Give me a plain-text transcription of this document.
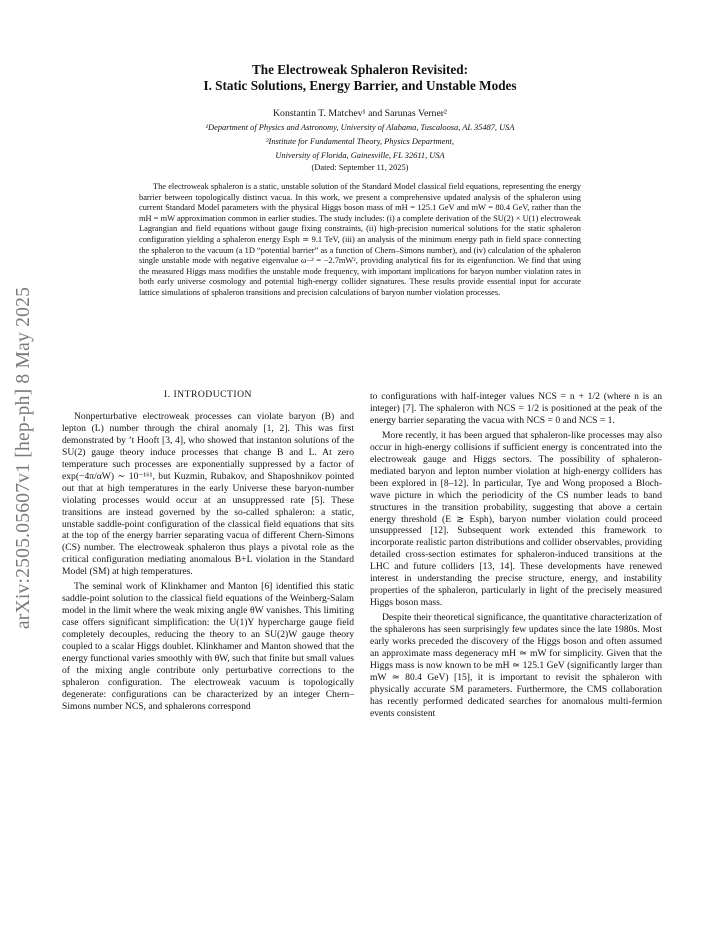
arXiv:2505.05607v1 [hep-ph] 8 May 2025
The Electroweak Sphaleron Revisited:
I. Static Solutions, Energy Barrier, and Unstable Modes
Konstantin T. Matchev¹ and Sarunas Verner²
¹Department of Physics and Astronomy, University of Alabama, Tuscaloosa, AL 35487, USA
²Institute for Fundamental Theory, Physics Department,
University of Florida, Gainesville, FL 32611, USA
(Dated: September 11, 2025)
The electroweak sphaleron is a static, unstable solution of the Standard Model classical field equations, representing the energy barrier between topologically distinct vacua. In this work, we present a comprehensive updated analysis of the sphaleron using current Standard Model parameters with the physical Higgs boson mass of mH = 125.1 GeV and mW = 80.4 GeV, rather than the mH = mW approximation common in earlier studies. The study includes: (i) a complete derivation of the SU(2) × U(1) electroweak Lagrangian and field equations without gauge fixing constraints, (ii) high-precision numerical solutions for the static sphaleron configuration yielding a sphaleron energy Esph ≃ 9.1 TeV, (iii) an analysis of the minimum energy path in field space connecting the sphaleron to the vacuum (a 1D “potential barrier” as a function of Chern–Simons number), and (iv) calculation of the sphaleron single unstable mode with negative eigenvalue ω−² = −2.7mW², providing analytical fits for its eigenfunction. We find that using the measured Higgs mass modifies the unstable mode frequency, with important implications for baryon number violation rates in both early universe cosmology and potential high-energy collider signatures. These results provide essential input for accurate lattice simulations of sphaleron transitions and precision calculations of baryon number violation processes.
I. INTRODUCTION

Nonperturbative electroweak processes can violate baryon (B) and lepton (L) number through the chiral anomaly [1, 2]. This was first demonstrated by ’t Hooft [3, 4], who showed that instanton solutions of the SU(2) gauge theory induce processes that change B and L. At zero temperature such processes are exponentially suppressed by a factor of exp(−4π/αW) ∼ 10⁻¹⁶¹, but Kuzmin, Rubakov, and Shaposhnikov pointed out that at high temperatures in the early Universe these baryon-number violating processes would occur at an unsuppressed rate [5]. These transitions are instead governed by the so-called sphaleron: a static, unstable saddle-point configuration of the classical field equations that sits at the top of the energy barrier separating vacua of different Chern-Simons (CS) number. The electroweak sphaleron thus plays a pivotal role as the critical configuration mediating anomalous B+L violation in the Standard Model (SM) at high temperatures.

The seminal work of Klinkhamer and Manton [6] identified this static saddle-point solution to the classical field equations of the Weinberg-Salam model in the limit where the weak mixing angle θW vanishes. This limiting case offers significant simplification: the U(1)Y hypercharge gauge field completely decouples, reducing the theory to an SU(2)W gauge theory coupled to a scalar Higgs doublet. Klinkhamer and Manton showed that the energy functional varies smoothly with θW, such that finite but small values of the mixing angle contribute only perturbative corrections to the sphaleron configuration. The electroweak vacuum is topologically degenerate: configurations can be characterized by an integer Chern–Simons number NCS, and sphalerons correspond

to configurations with half-integer values NCS = n + 1/2 (where n is an integer) [7]. The sphaleron with NCS = 1/2 is positioned at the peak of the energy barrier separating the vacua with NCS = 0 and NCS = 1.

More recently, it has been argued that sphaleron-like processes may also occur in high-energy collisions if sufficient energy is concentrated into the electroweak gauge and Higgs sectors. The possibility of sphaleron-mediated baryon and lepton number violation at high-energy colliders has been explored in [8–12]. In particular, Tye and Wong proposed a Bloch-wave picture in which the periodicity of the CS number leads to band structures in the transition probability, suggesting that above a certain energy threshold (E ≳ Esph), baryon number violation could proceed unsuppressed [12]. Subsequent work extended this framework to incorporate realistic parton distributions and collider observables, providing detailed cross-section estimates for sphaleron-induced transitions at the LHC and future colliders [13, 14]. These developments have renewed interest in understanding the precise structure, energy, and instability properties of the sphaleron, particularly in light of the precisely measured Higgs boson mass.

Despite their theoretical significance, the quantitative characterization of the sphalerons has seen surprisingly few updates since the late 1980s. Most early works preceded the discovery of the Higgs boson and often assumed an approximate mass degeneracy mH ≃ mW for simplicity. Given that the Higgs mass is now known to be mH ≃ 125.1 GeV (significantly larger than mW ≃ 80.4 GeV) [15], it is important to revisit the sphaleron with physically accurate SM parameters. Furthermore, the CMS collaboration has recently performed dedicated searches for anomalous multi-fermion events consistent
